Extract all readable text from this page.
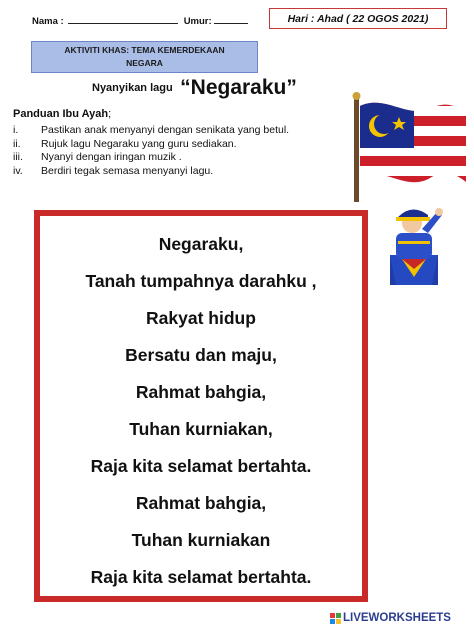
Nama :	Umur:	Hari : Ahad ( 22 OGOS 2021)
AKTIVITI KHAS: TEMA KEMERDEKAAN
NEGARA
Nyanyikan lagu “Negaraku”
Panduan Ibu Ayah;
i.	Pastikan anak menyanyi dengan senikata yang betul.
ii.	Rujuk lagu Negaraku yang guru sediakan.
iii.	Nyanyi dengan iringan muzik .
iv.	Berdiri tegak semasa menyanyi lagu.
Negaraku,
Tanah tumpahnya darahku ,
Rakyat hidup
Bersatu dan maju,
Rahmat bahgia,
Tuhan kurniakan,
Raja kita selamat bertahta.
Rahmat bahgia,
Tuhan kurniakan
Raja kita selamat bertahta.
LIVEWORKSHEETS
